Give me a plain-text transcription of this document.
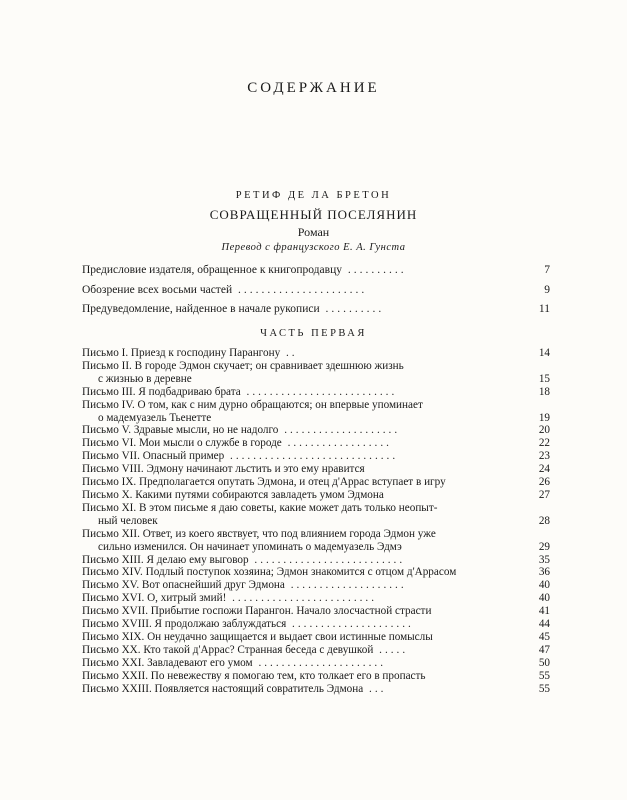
СОДЕРЖАНИЕ
РЕТИФ ДЕ ЛА БРЕТОН
СОВРАЩЕННЫЙ ПОСЕЛЯНИН
Роман
Перевод с французского Е. А. Гунста
Предисловие издателя, обращенное к книгопродавцу ..........	7
Обозрение всех восьми частей ......................	9
Предуведомление, найденное в начале рукописи ..........	11
ЧАСТЬ ПЕРВАЯ
Письмо I. Приезд к господину Парангону ..	14
Письмо II. В городе Эдмон скучает; он сравнивает здешнюю жизнь
с жизнью в деревне	15
Письмо III. Я подбадриваю брата ..........................	18
Письмо IV. О том, как с ним дурно обращаются; он впервые упоминает
о мадемуазель Тьенетте	19
Письмо V. Здравые мысли, но не надолго ....................	20
Письмо VI. Мои мысли о службе в городе ..................	22
Письмо VII. Опасный пример .............................	23
Письмо VIII. Эдмону начинают льстить и это ему нравится	24
Письмо IX. Предполагается опутать Эдмона, и отец д'Аррас вступает в игру	26
Письмо X. Какими путями собираются завладеть умом Эдмона	27
Письмо XI. В этом письме я даю советы, какие может дать только неопыт-
ный человек	28
Письмо XII. Ответ, из коего явствует, что под влиянием города Эдмон уже
сильно изменился. Он начинает упоминать о мадемуазель Эдмэ	29
Письмо XIII. Я делаю ему выговор ..........................	35
Письмо XIV. Подлый поступок хозяина; Эдмон знакомится с отцом д'Аррасом	36
Письмо XV. Вот опаснейший друг Эдмона ....................	40
Письмо XVI. О, хитрый змий! .........................	40
Письмо XVII. Прибытие госпожи Парангон. Начало злосчастной страсти	41
Письмо XVIII. Я продолжаю заблуждаться .....................	44
Письмо XIX. Он неудачно защищается и выдает свои истинные помыслы	45
Письмо XX. Кто такой д'Аррас? Странная беседа с девушкой .....	47
Письмо XXI. Завладевают его умом ......................	50
Письмо XXII. По невежеству я помогаю тем, кто толкает его в пропасть	55
Письмо XXIII. Появляется настоящий совратитель Эдмона ...	55
